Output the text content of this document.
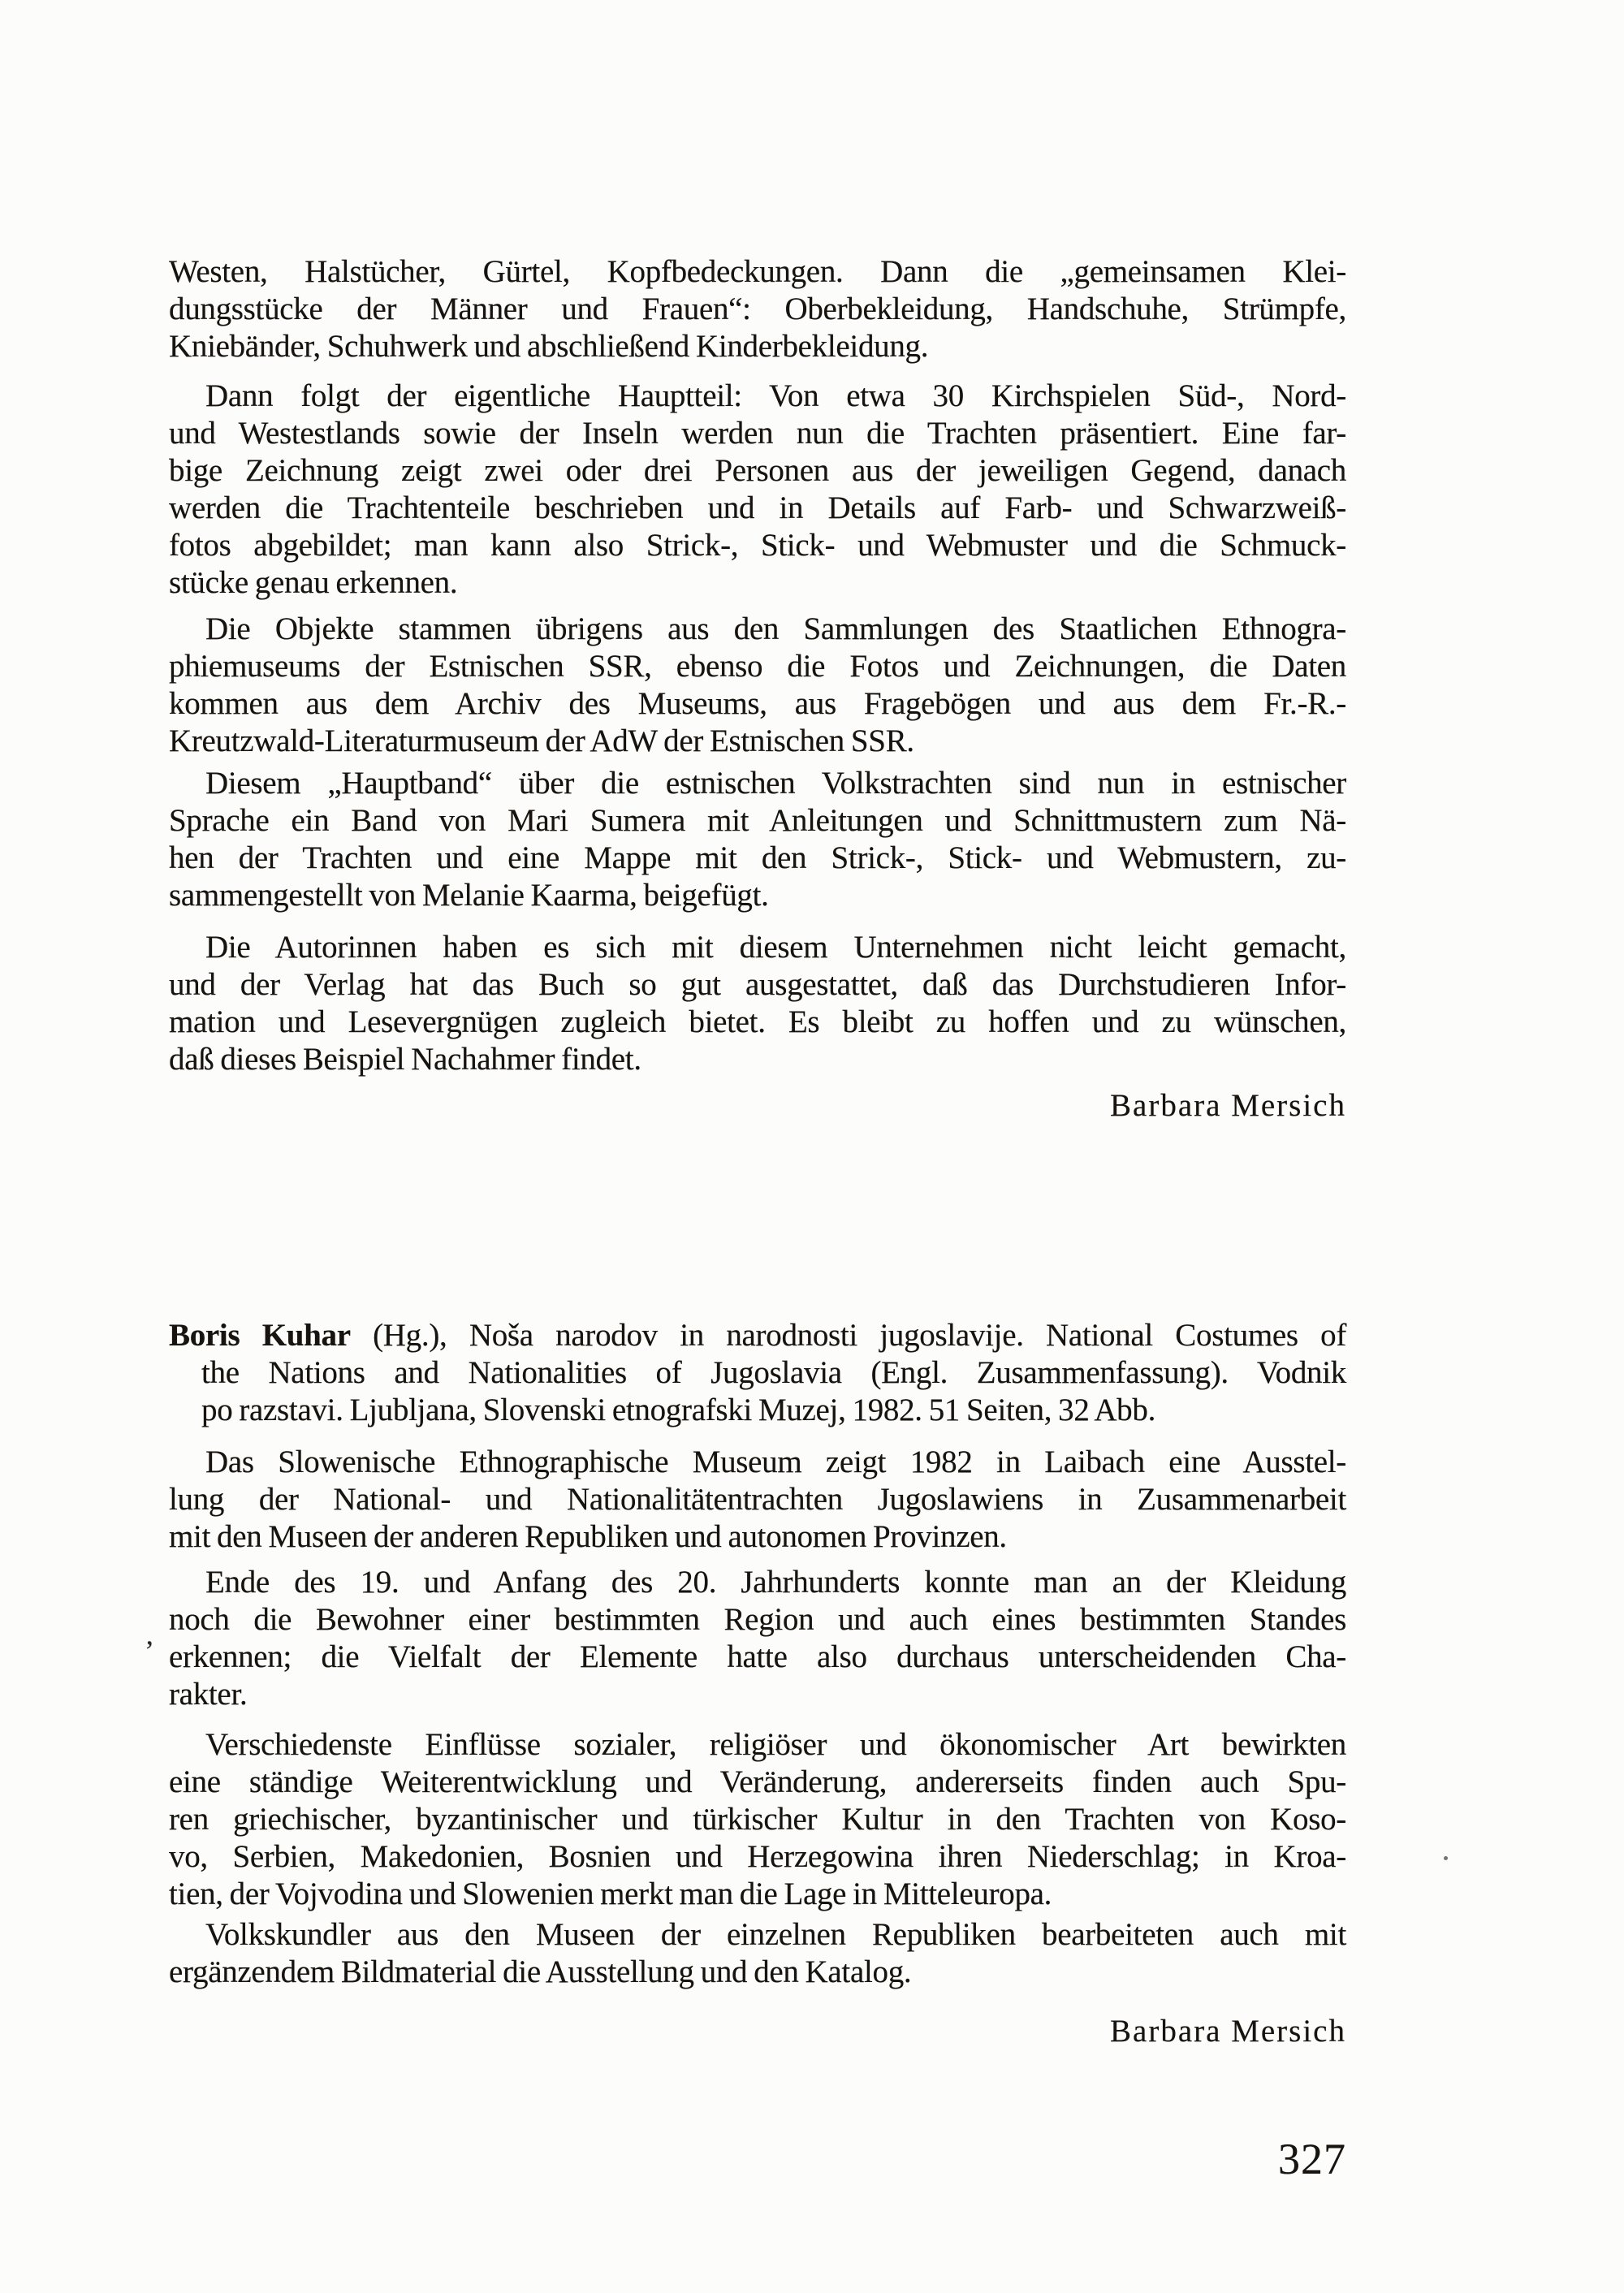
Westen, Halstücher, Gürtel, Kopfbedeckungen. Dann die „gemeinsamen Klei-
dungsstücke der Männer und Frauen“: Oberbekleidung, Handschuhe, Strümpfe,
Kniebänder, Schuhwerk und abschließend Kinderbekleidung.
Dann folgt der eigentliche Hauptteil: Von etwa 30 Kirchspielen Süd-, Nord-
und Westestlands sowie der Inseln werden nun die Trachten präsentiert. Eine far-
bige Zeichnung zeigt zwei oder drei Personen aus der jeweiligen Gegend, danach
werden die Trachtenteile beschrieben und in Details auf Farb- und Schwarzweiß-
fotos abgebildet; man kann also Strick-, Stick- und Webmuster und die Schmuck-
stücke genau erkennen.
Die Objekte stammen übrigens aus den Sammlungen des Staatlichen Ethnogra-
phiemuseums der Estnischen SSR, ebenso die Fotos und Zeichnungen, die Daten
kommen aus dem Archiv des Museums, aus Fragebögen und aus dem Fr.-R.-
Kreutzwald-Literaturmuseum der AdW der Estnischen SSR.
Diesem „Hauptband“ über die estnischen Volkstrachten sind nun in estnischer
Sprache ein Band von Mari Sumera mit Anleitungen und Schnittmustern zum Nä-
hen der Trachten und eine Mappe mit den Strick-, Stick- und Webmustern, zu-
sammengestellt von Melanie Kaarma, beigefügt.
Die Autorinnen haben es sich mit diesem Unternehmen nicht leicht gemacht,
und der Verlag hat das Buch so gut ausgestattet, daß das Durchstudieren Infor-
mation und Lesevergnügen zugleich bietet. Es bleibt zu hoffen und zu wünschen,
daß dieses Beispiel Nachahmer findet.
Barbara Mersich
Boris Kuhar (Hg.), Noša narodov in narodnosti jugoslavije. National Costumes of
the Nations and Nationalities of Jugoslavia (Engl. Zusammenfassung). Vodnik
po razstavi. Ljubljana, Slovenski etnografski Muzej, 1982. 51 Seiten, 32 Abb.
Das Slowenische Ethnographische Museum zeigt 1982 in Laibach eine Ausstel-
lung der National- und Nationalitätentrachten Jugoslawiens in Zusammenarbeit
mit den Museen der anderen Republiken und autonomen Provinzen.
Ende des 19. und Anfang des 20. Jahrhunderts konnte man an der Kleidung
noch die Bewohner einer bestimmten Region und auch eines bestimmten Standes
erkennen; die Vielfalt der Elemente hatte also durchaus unterscheidenden Cha-
rakter.
Verschiedenste Einflüsse sozialer, religiöser und ökonomischer Art bewirkten
eine ständige Weiterentwicklung und Veränderung, andererseits finden auch Spu-
ren griechischer, byzantinischer und türkischer Kultur in den Trachten von Koso-
vo, Serbien, Makedonien, Bosnien und Herzegowina ihren Niederschlag; in Kroa-
tien, der Vojvodina und Slowenien merkt man die Lage in Mitteleuropa.
Volkskundler aus den Museen der einzelnen Republiken bearbeiteten auch mit
ergänzendem Bildmaterial die Ausstellung und den Katalog.
Barbara Mersich
327
’
